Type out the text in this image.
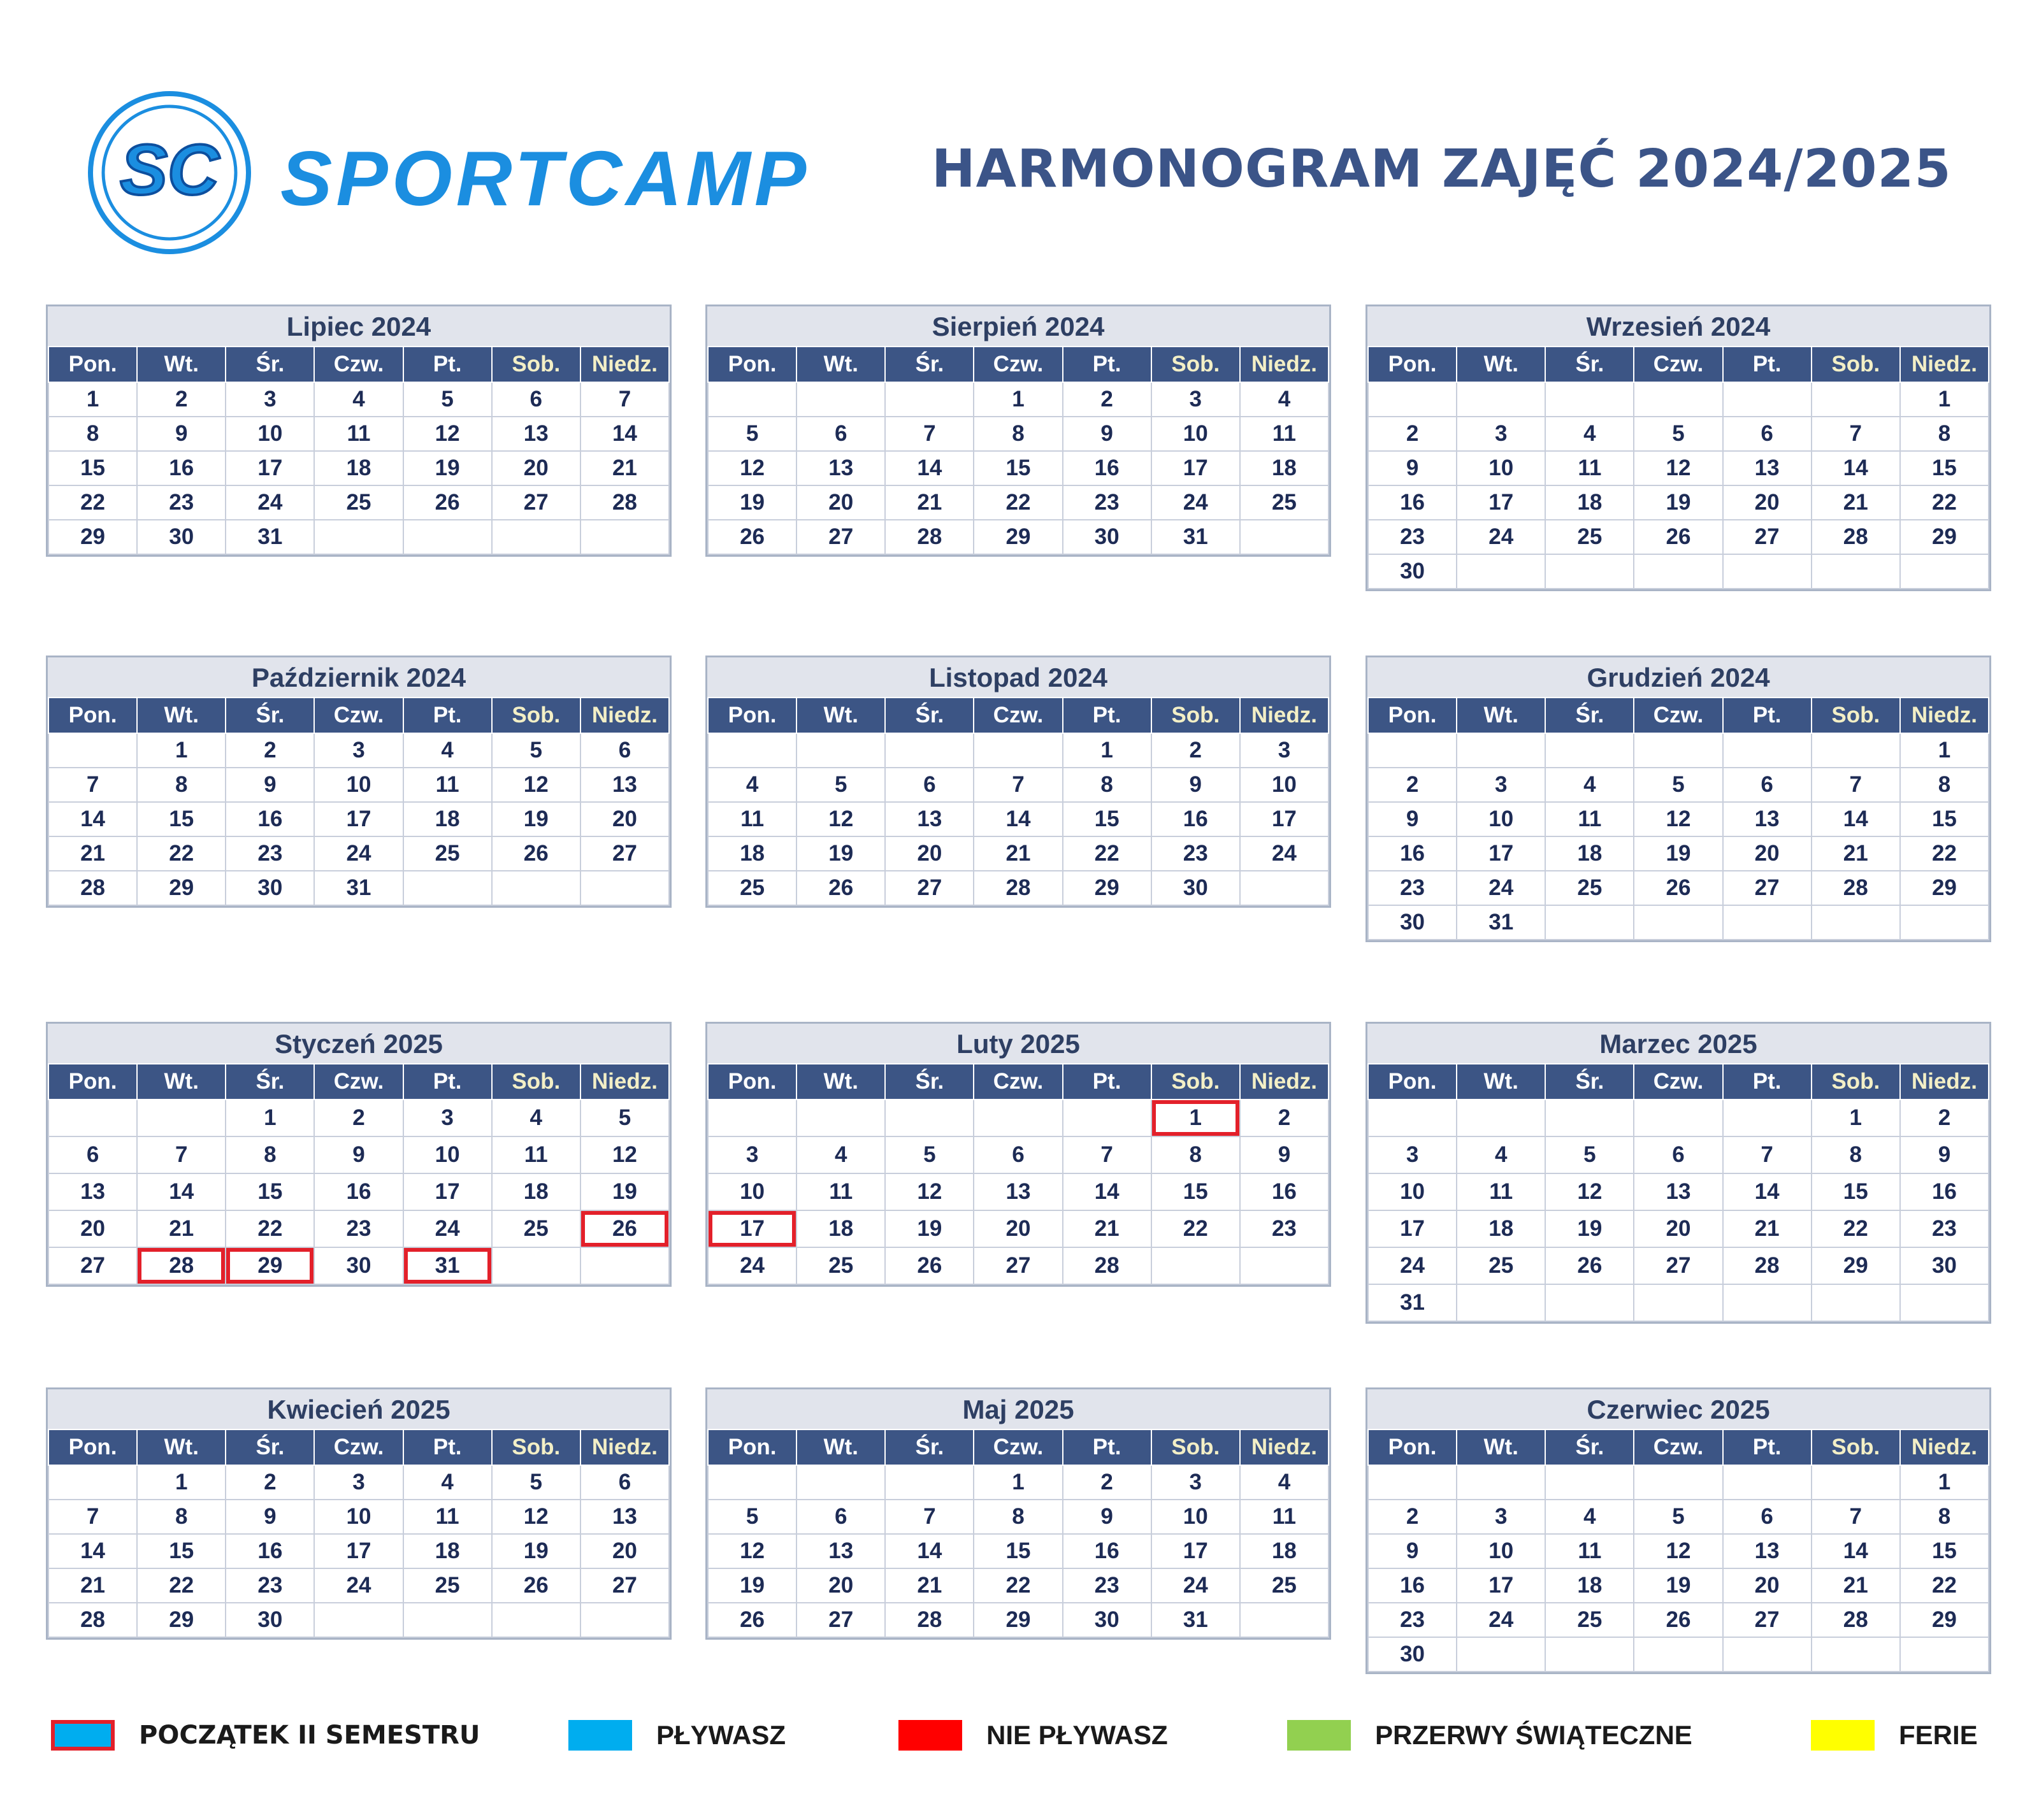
SC SPORTCAMP HARMONOGRAM ZAJĘĆ 2024/2025
Lipiec 2024
Pon.	Wt.	Śr.	Czw.	Pt.	Sob.	Niedz.
1	2	3	4	5	6	7
8	9	10	11	12	13	14
15	16	17	18	19	20	21
22	23	24	25	26	27	28
29	30	31				
Sierpień 2024
Pon.	Wt.	Śr.	Czw.	Pt.	Sob.	Niedz.
			1	2	3	4
5	6	7	8	9	10	11
12	13	14	15	16	17	18
19	20	21	22	23	24	25
26	27	28	29	30	31	
Wrzesień 2024
Pon.	Wt.	Śr.	Czw.	Pt.	Sob.	Niedz.
						1
2	3	4	5	6	7	8
9	10	11	12	13	14	15
16	17	18	19	20	21	22
23	24	25	26	27	28	29
30						
Październik 2024
Pon.	Wt.	Śr.	Czw.	Pt.	Sob.	Niedz.
	1	2	3	4	5	6
7	8	9	10	11	12	13
14	15	16	17	18	19	20
21	22	23	24	25	26	27
28	29	30	31			
Listopad 2024
Pon.	Wt.	Śr.	Czw.	Pt.	Sob.	Niedz.
				1	2	3
4	5	6	7	8	9	10
11	12	13	14	15	16	17
18	19	20	21	22	23	24
25	26	27	28	29	30	
Grudzień 2024
Pon.	Wt.	Śr.	Czw.	Pt.	Sob.	Niedz.
						1
2	3	4	5	6	7	8
9	10	11	12	13	14	15
16	17	18	19	20	21	22
23	24	25	26	27	28	29
30	31					
Styczeń 2025
Pon.	Wt.	Śr.	Czw.	Pt.	Sob.	Niedz.
		1	2	3	4	5
6	7	8	9	10	11	12
13	14	15	16	17	18	19
20	21	22	23	24	25	26
27	28	29	30	31		
Luty 2025
Pon.	Wt.	Śr.	Czw.	Pt.	Sob.	Niedz.
					1	2
3	4	5	6	7	8	9
10	11	12	13	14	15	16
17	18	19	20	21	22	23
24	25	26	27	28		
Marzec 2025
Pon.	Wt.	Śr.	Czw.	Pt.	Sob.	Niedz.
					1	2
3	4	5	6	7	8	9
10	11	12	13	14	15	16
17	18	19	20	21	22	23
24	25	26	27	28	29	30
31						
Kwiecień 2025
Pon.	Wt.	Śr.	Czw.	Pt.	Sob.	Niedz.
	1	2	3	4	5	6
7	8	9	10	11	12	13
14	15	16	17	18	19	20
21	22	23	24	25	26	27
28	29	30				
Maj 2025
Pon.	Wt.	Śr.	Czw.	Pt.	Sob.	Niedz.
			1	2	3	4
5	6	7	8	9	10	11
12	13	14	15	16	17	18
19	20	21	22	23	24	25
26	27	28	29	30	31	
Czerwiec 2025
Pon.	Wt.	Śr.	Czw.	Pt.	Sob.	Niedz.
						1
2	3	4	5	6	7	8
9	10	11	12	13	14	15
16	17	18	19	20	21	22
23	24	25	26	27	28	29
30						
POCZĄTEK II SEMESTRU	PŁYWASZ	NIE PŁYWASZ	PRZERWY ŚWIĄTECZNE	FERIE
